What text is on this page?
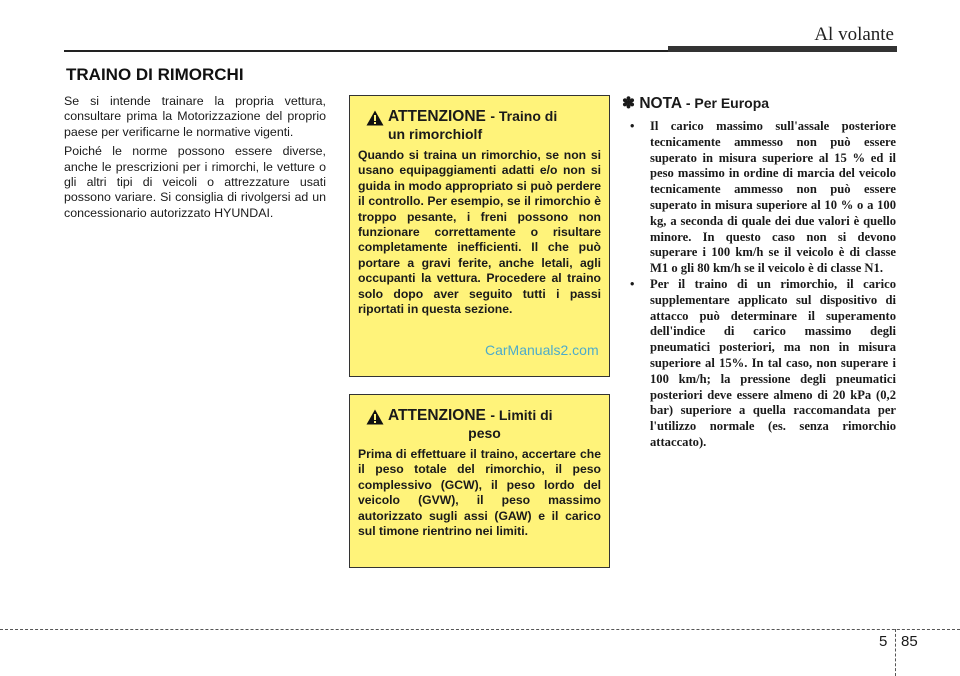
Al volante
TRAINO DI RIMORCHI

Se si intende trainare la propria vettura, consultare prima la Motorizzazione del proprio paese per verificarne le normative vigenti.

Poiché le norme possono essere diverse, anche le prescrizioni per i rimorchi, le vetture o gli altri tipi di veicoli o attrezzature usati possono variare. Si consiglia di rivolgersi ad un concessionario autorizzato HYUNDAI.

ATTENZIONE - Traino di
un rimorchiolf
Quando si traina un rimorchio, se non si usano equipaggiamenti adatti e/o non si guida in modo appropriato si può perdere il controllo. Per esempio, se il rimorchio è troppo pesante, i freni possono non funzionare correttamente o risultare completamente inefficienti. Il che può portare a gravi ferite, anche letali, agli occupanti la vettura. Procedere al traino solo dopo aver seguito tutti i passi riportati in questa sezione.
CarManuals2.com
ATTENZIONE - Limiti di
peso
Prima di effettuare il traino, accertare che il peso totale del rimorchio, il peso complessivo (GCW), il peso lordo del veicolo (GVW), il peso massimo autorizzato sugli assi (GAW) e il carico sul timone rientrino nei limiti.
✽ NOTA - Per Europa
• Il carico massimo sull'assale posteriore tecnicamente ammesso non può essere superato in misura superiore al 15 % ed il peso massimo in ordine di marcia del veicolo tecnicamente ammesso non può essere superato in misura superiore al 10 % o a 100 kg, a seconda di quale dei due valori è quello minore. In questo caso non si devono superare i 100 km/h se il veicolo è di classe M1 o gli 80 km/h se il veicolo è di classe N1.
• Per il traino di un rimorchio, il carico supplementare applicato sul dispositivo di attacco può determinare il superamento dell'indice di carico massimo degli pneumatici posteriori, ma non in misura superiore al 15%. In tal caso, non superare i 100 km/h; la pressione degli pneumatici posteriori deve essere almeno di 20 kPa (0,2 bar) superiore a quella raccomandata per l'utilizzo normale (es. senza rimorchio attaccato).
5 85
